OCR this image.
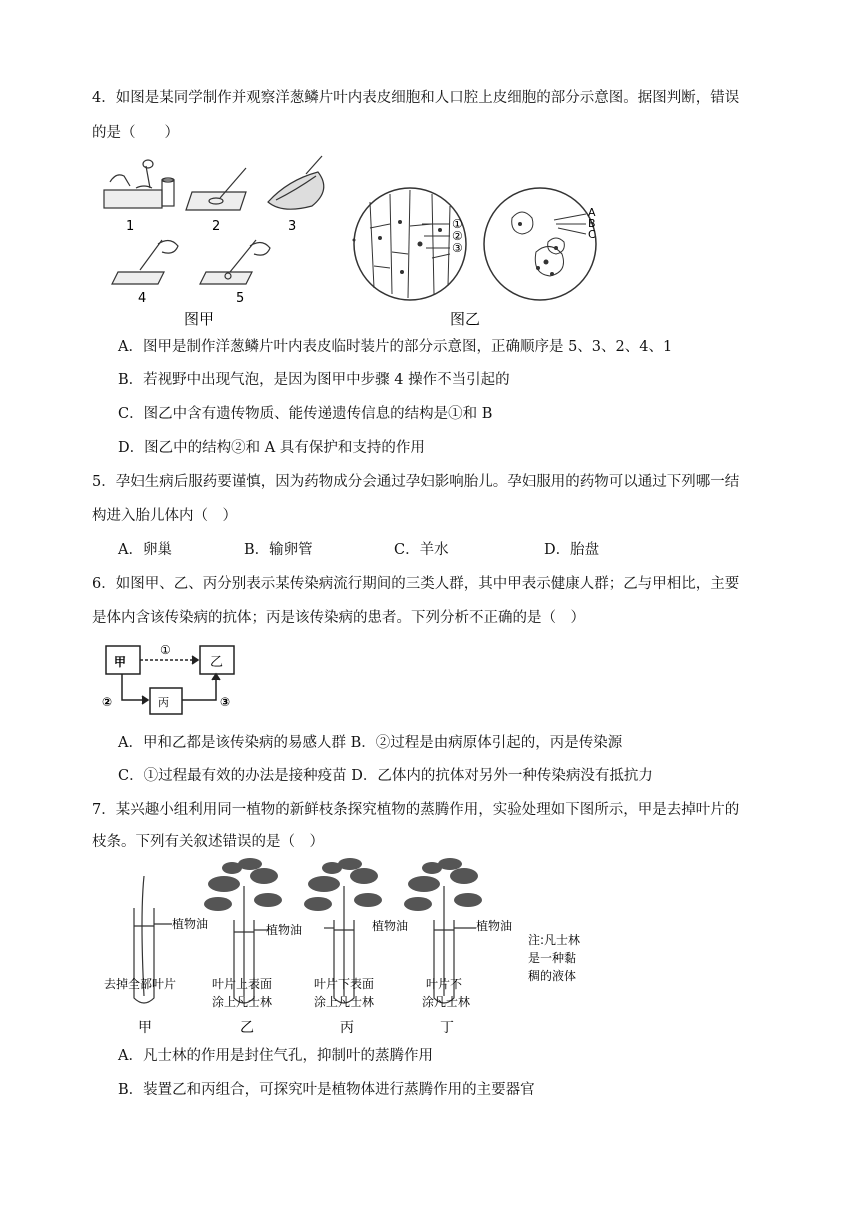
4．如图是某同学制作并观察洋葱鳞片叶内表皮细胞和人口腔上皮细胞的部分示意图。据图判断，错误
的是（　　）
1	2	3
4	5
图甲
①
②
③
A
B
C
图乙
A．图甲是制作洋葱鳞片叶内表皮临时装片的部分示意图，正确顺序是 5、3、2、4、1
B．若视野中出现气泡，是因为图甲中步骤 4 操作不当引起的
C．图乙中含有遗传物质、能传递遗传信息的结构是①和 B
D．图乙中的结构②和 A 具有保护和支持的作用
5．孕妇生病后服药要谨慎，因为药物成分会通过孕妇影响胎儿。孕妇服用的药物可以通过下列哪一结
构进入胎儿体内（　）
A．卵巢	B．输卵管	C．羊水	D．胎盘
6．如图甲、乙、丙分别表示某传染病流行期间的三类人群，其中甲表示健康人群；乙与甲相比，主要
是体内含该传染病的抗体；丙是该传染病的患者。下列分析不正确的是（　）
甲	乙
丙
①
②	③
A．甲和乙都是该传染病的易感人群 B．②过程是由病原体引起的，丙是传染源
C．①过程最有效的办法是接种疫苗 D．乙体内的抗体对另外一种传染病没有抵抗力
7．某兴趣小组利用同一植物的新鲜枝条探究植物的蒸腾作用，实验处理如下图所示，甲是去掉叶片的
枝条。下列有关叙述错误的是（　）
植物油	植物油	植物油	植物油
去掉全部叶片	叶片上表面
涂上凡士林
叶片下表面
涂上凡士林
叶片不
涂凡士林
甲	乙	丙	丁
注:凡士林
是一种黏
稠的液体
A．凡士林的作用是封住气孔，抑制叶的蒸腾作用
B．装置乙和丙组合，可探究叶是植物体进行蒸腾作用的主要器官
